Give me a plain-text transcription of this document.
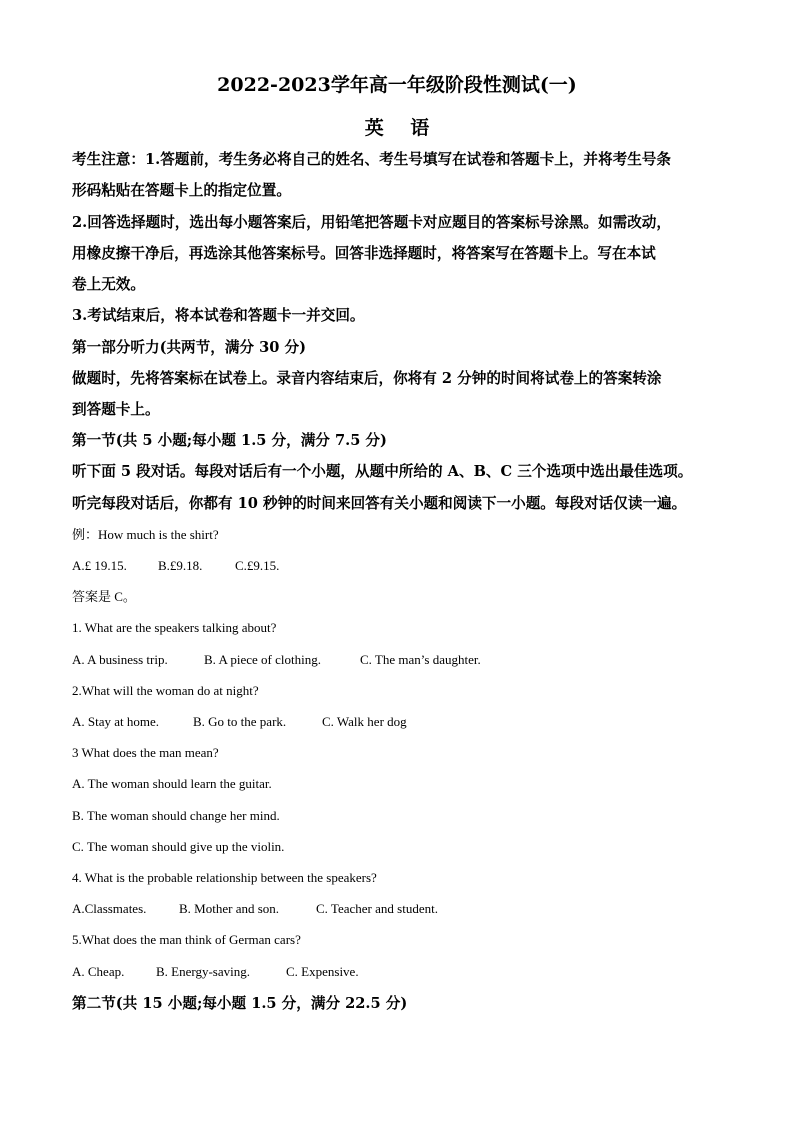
2022-2023学年高一年级阶段性测试(一)
英 语
考生注意：1.答题前，考生务必将自己的姓名、考生号填写在试卷和答题卡上，并将考生号条
形码粘贴在答题卡上的指定位置。
2.回答选择题时，选出每小题答案后，用铅笔把答题卡对应题目的答案标号涂黑。如需改动，
用橡皮擦干净后，再选涂其他答案标号。回答非选择题时，将答案写在答题卡上。写在本试
卷上无效。
3.考试结束后，将本试卷和答题卡一并交回。
第一部分听力(共两节，满分 30 分)
做题时，先将答案标在试卷上。录音内容结束后，你将有 2 分钟的时间将试卷上的答案转涂
到答题卡上。
第一节(共 5 小题;每小题 1.5 分，满分 7.5 分)
听下面 5 段对话。每段对话后有一个小题，从题中所给的 A、B、C 三个选项中选出最佳选项。
听完每段对话后，你都有 10 秒钟的时间来回答有关小题和阅读下一小题。每段对话仅读一遍。
例：How much is the shirt?
A.£ 19.15. B.£9.18.	C.£9.15.
答案是 C。
1. What are the speakers talking about?
A. A business trip.	B. A piece of clothing.	C. The man’s daughter.
2.What will the woman do at night?
A. Stay at home.	B. Go to the park.	C. Walk her dog
3 What does the man mean?
A. The woman should learn the guitar.
B. The woman should change her mind.
C. The woman should give up the violin.
4. What is the probable relationship between the speakers?
A.Classmates.	B. Mother and son.	C. Teacher and student.
5.What does the man think of German cars?
A. Cheap. B. Energy-saving.	C. Expensive.
第二节(共 15 小题;每小题 1.5 分，满分 22.5 分)
